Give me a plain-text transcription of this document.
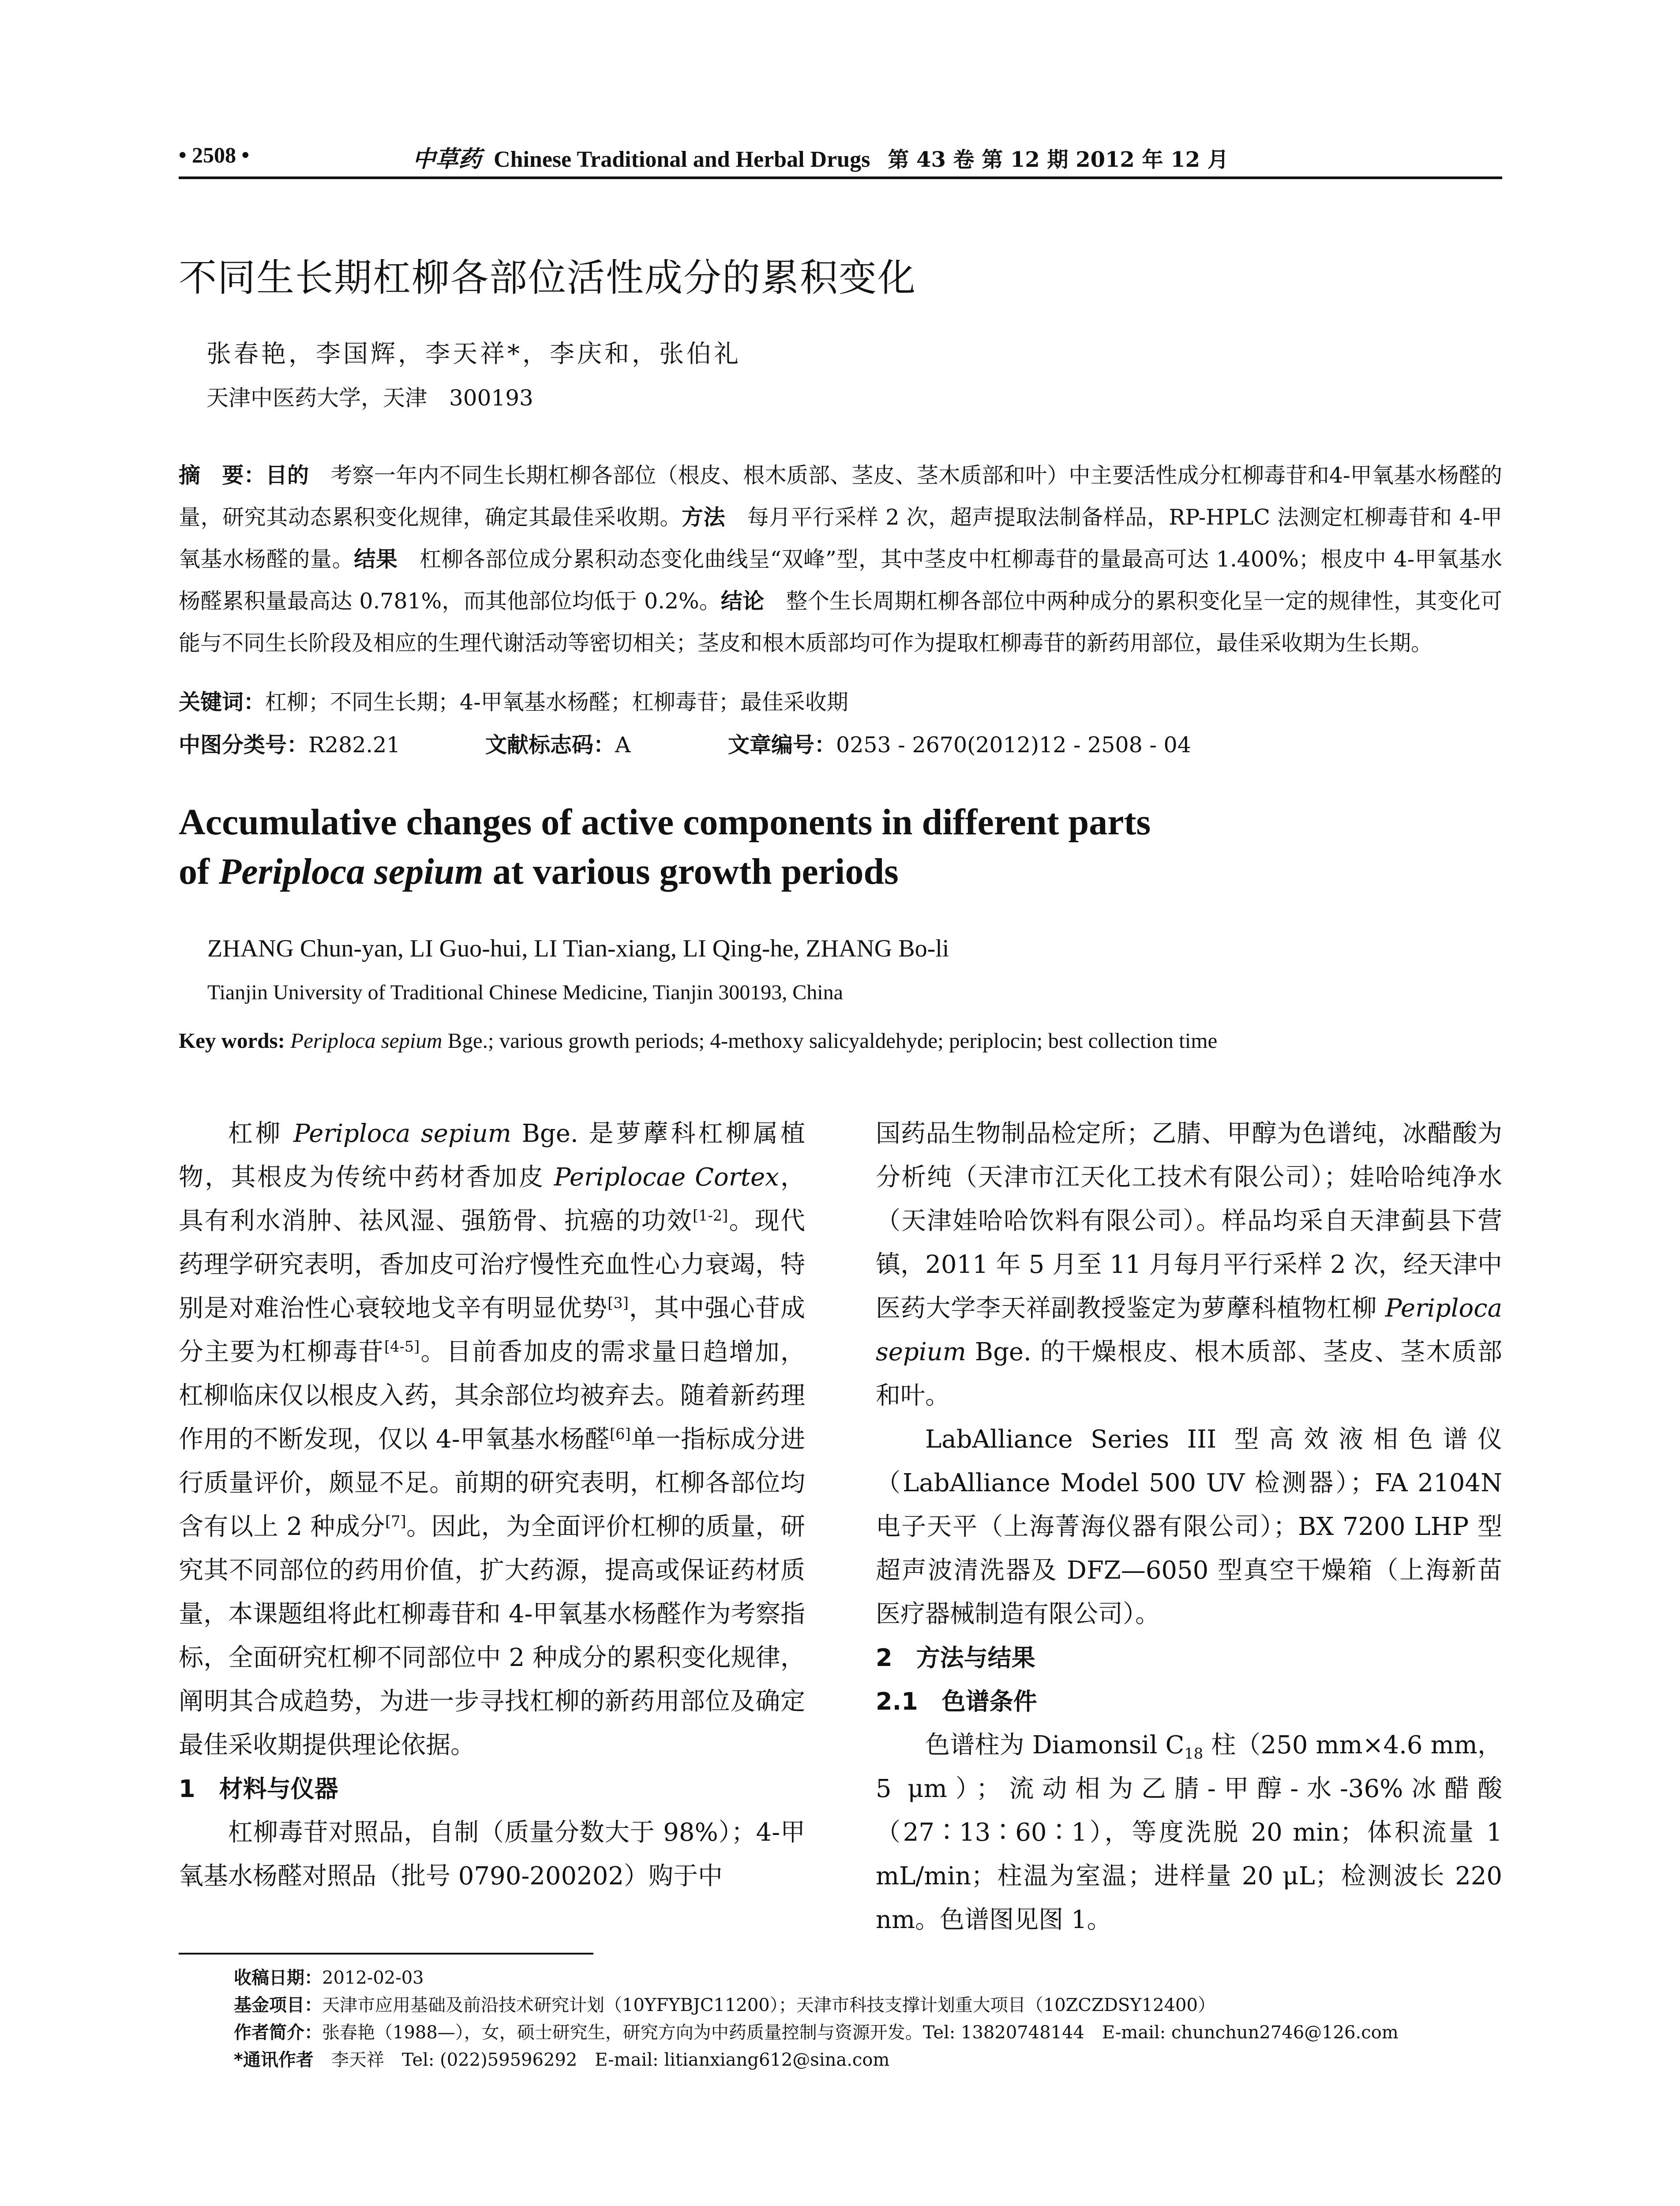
• 2508 •	中草药 Chinese Traditional and Herbal Drugs 第 43 卷 第 12 期 2012 年 12 月
不同生长期杠柳各部位活性成分的累积变化
张春艳，李国辉，李天祥*，李庆和，张伯礼
天津中医药大学，天津　300193
摘　要：目的　考察一年内不同生长期杠柳各部位（根皮、根木质部、茎皮、茎木质部和叶）中主要活性成分杠柳毒苷和4-甲氧基水杨醛的量，研究其动态累积变化规律，确定其最佳采收期。方法　每月平行采样 2 次，超声提取法制备样品，RP-HPLC 法测定杠柳毒苷和 4-甲氧基水杨醛的量。结果　杠柳各部位成分累积动态变化曲线呈“双峰”型，其中茎皮中杠柳毒苷的量最高可达 1.400%；根皮中 4-甲氧基水杨醛累积量最高达 0.781%，而其他部位均低于 0.2%。结论　整个生长周期杠柳各部位中两种成分的累积变化呈一定的规律性，其变化可能与不同生长阶段及相应的生理代谢活动等密切相关；茎皮和根木质部均可作为提取杠柳毒苷的新药用部位，最佳采收期为生长期。
关键词：杠柳；不同生长期；4-甲氧基水杨醛；杠柳毒苷；最佳采收期
中图分类号：R282.21	文献标志码：A	文章编号：0253 - 2670(2012)12 - 2508 - 04
Accumulative changes of active components in different parts
of Periploca sepium at various growth periods
ZHANG Chun-yan, LI Guo-hui, LI Tian-xiang, LI Qing-he, ZHANG Bo-li
Tianjin University of Traditional Chinese Medicine, Tianjin 300193, China
Key words: Periploca sepium Bge.; various growth periods; 4-methoxy salicyaldehyde; periplocin; best collection time

杠柳 Periploca sepium Bge. 是萝藦科杠柳属植物，其根皮为传统中药材香加皮 Periplocae Cortex，具有利水消肿、祛风湿、强筋骨、抗癌的功效[1-2]。现代药理学研究表明，香加皮可治疗慢性充血性心力衰竭，特别是对难治性心衰较地戈辛有明显优势[3]，其中强心苷成分主要为杠柳毒苷[4-5]。目前香加皮的需求量日趋增加，杠柳临床仅以根皮入药，其余部位均被弃去。随着新药理作用的不断发现，仅以 4-甲氧基水杨醛[6]单一指标成分进行质量评价，颇显不足。前期的研究表明，杠柳各部位均含有以上 2 种成分[7]。因此，为全面评价杠柳的质量，研究其不同部位的药用价值，扩大药源，提高或保证药材质量，本课题组将此杠柳毒苷和 4-甲氧基水杨醛作为考察指标，全面研究杠柳不同部位中 2 种成分的累积变化规律，阐明其合成趋势，为进一步寻找杠柳的新药用部位及确定最佳采收期提供理论依据。

1　材料与仪器

杠柳毒苷对照品，自制（质量分数大于 98%）；4-甲氧基水杨醛对照品（批号 0790-200202）购于中

国药品生物制品检定所；乙腈、甲醇为色谱纯，冰醋酸为分析纯（天津市江天化工技术有限公司）；娃哈哈纯净水（天津娃哈哈饮料有限公司）。样品均采自天津蓟县下营镇，2011 年 5 月至 11 月每月平行采样 2 次，经天津中医药大学李天祥副教授鉴定为萝藦科植物杠柳 Periploca sepium Bge. 的干燥根皮、根木质部、茎皮、茎木质部和叶。

LabAlliance Series III 型高效液相色谱仪（LabAlliance Model 500 UV 检测器）；FA 2104N 电子天平（上海菁海仪器有限公司）；BX 7200 LHP 型超声波清洗器及 DFZ—6050 型真空干燥箱（上海新苗医疗器械制造有限公司）。

2　方法与结果
2.1　色谱条件

色谱柱为 Diamonsil $C_{18}$ 柱（250 mm×4.6 mm，5 μm）；流动相为乙腈-甲醇-水-36%冰醋酸（27∶13∶60∶1），等度洗脱 20 min；体积流量 1 mL/min；柱温为室温；进样量 20 μL；检测波长 220 nm。色谱图见图 1。

收稿日期：2012-02-03
基金项目：天津市应用基础及前沿技术研究计划（10YFYBJC11200）；天津市科技支撑计划重大项目（10ZCZDSY12400）
作者简介：张春艳（1988—），女，硕士研究生，研究方向为中药质量控制与资源开发。Tel: 13820748144　E-mail: chunchun2746@126.com
*通讯作者　李天祥　Tel: (022)59596292　E-mail: litianxiang612@sina.com
